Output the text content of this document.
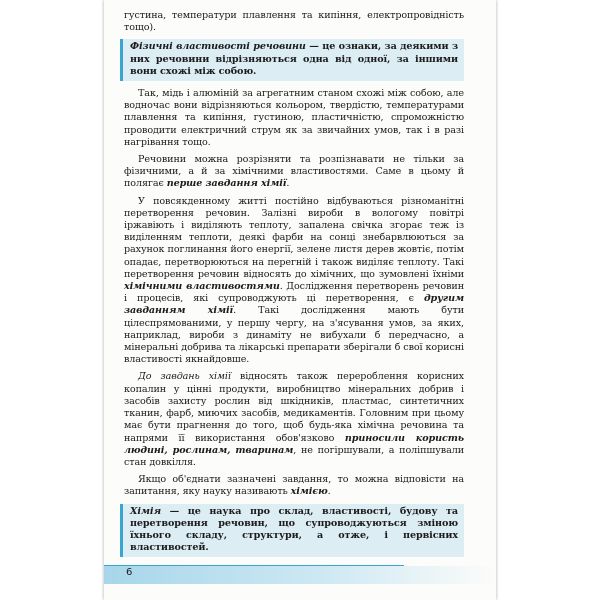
густина, температури плавлення та кипіння, електропровідність тощо).

Фізичні властивості речовини — це ознаки, за деякими з них речовини відрізняються одна від одної, за іншими вони схожі між собою.

Так, мідь і алюміній за агрегатним станом схожі між собою, але водночас вони відрізняються кольором, твердістю, температурами плавлення та кипіння, густиною, пластичністю, спроможністю проводити електричний струм як за звичайних умов, так і в разі нагрівання тощо.

Речовини можна розрізняти та розпізнавати не тільки за фізичними, а й за хімічними властивостями. Саме в цьому й полягає перше завдання хімії.

У повсякденному житті постійно відбуваються різноманітні перетворення речовин. Залізні вироби в вологому повітрі іржавіють і виділяють теплоту, запалена свічка згорає теж із виділенням теплоти, деякі фарби на сонці знебарвлюються за рахунок поглинання його енергії, зелене листя дерев жовтіє, потім опадає, перетворюються на перегній і також виділяє теплоту. Такі перетворення речовин відносять до хімічних, що зумовлені їхніми хімічними властивостями. Дослідження перетворень речовин і процесів, які супроводжують ці перетворення, є другим завданням хімії. Такі дослідження мають бути цілеспрямованими, у першу чергу, на з'ясування умов, за яких, наприклад, вироби з динаміту не вибухали б передчасно, а мінеральні добрива та лікарські препарати зберігали б свої корисні властивості якнайдовше.

До завдань хімії відносять також перероблення корисних копалин у цінні продукти, виробництво мінеральних добрив і засобів захисту рослин від шкідників, пластмас, синтетичних тканин, фарб, миючих засобів, медикаментів. Головним при цьому має бути прагнення до того, щоб будь-яка хімічна речовина та напрями її використання обов'язково приносили користь людині, рослинам, тваринам, не погіршували, а поліпшували стан довкілля.

Якщо об'єднати зазначені завдання, то можна відповісти на запитання, яку науку називають хімією.

Хімія — це наука про склад, властивості, будову та перетворення речовин, що супроводжуються зміною їхнього складу, структури, а отже, і первісних властивостей.

6
